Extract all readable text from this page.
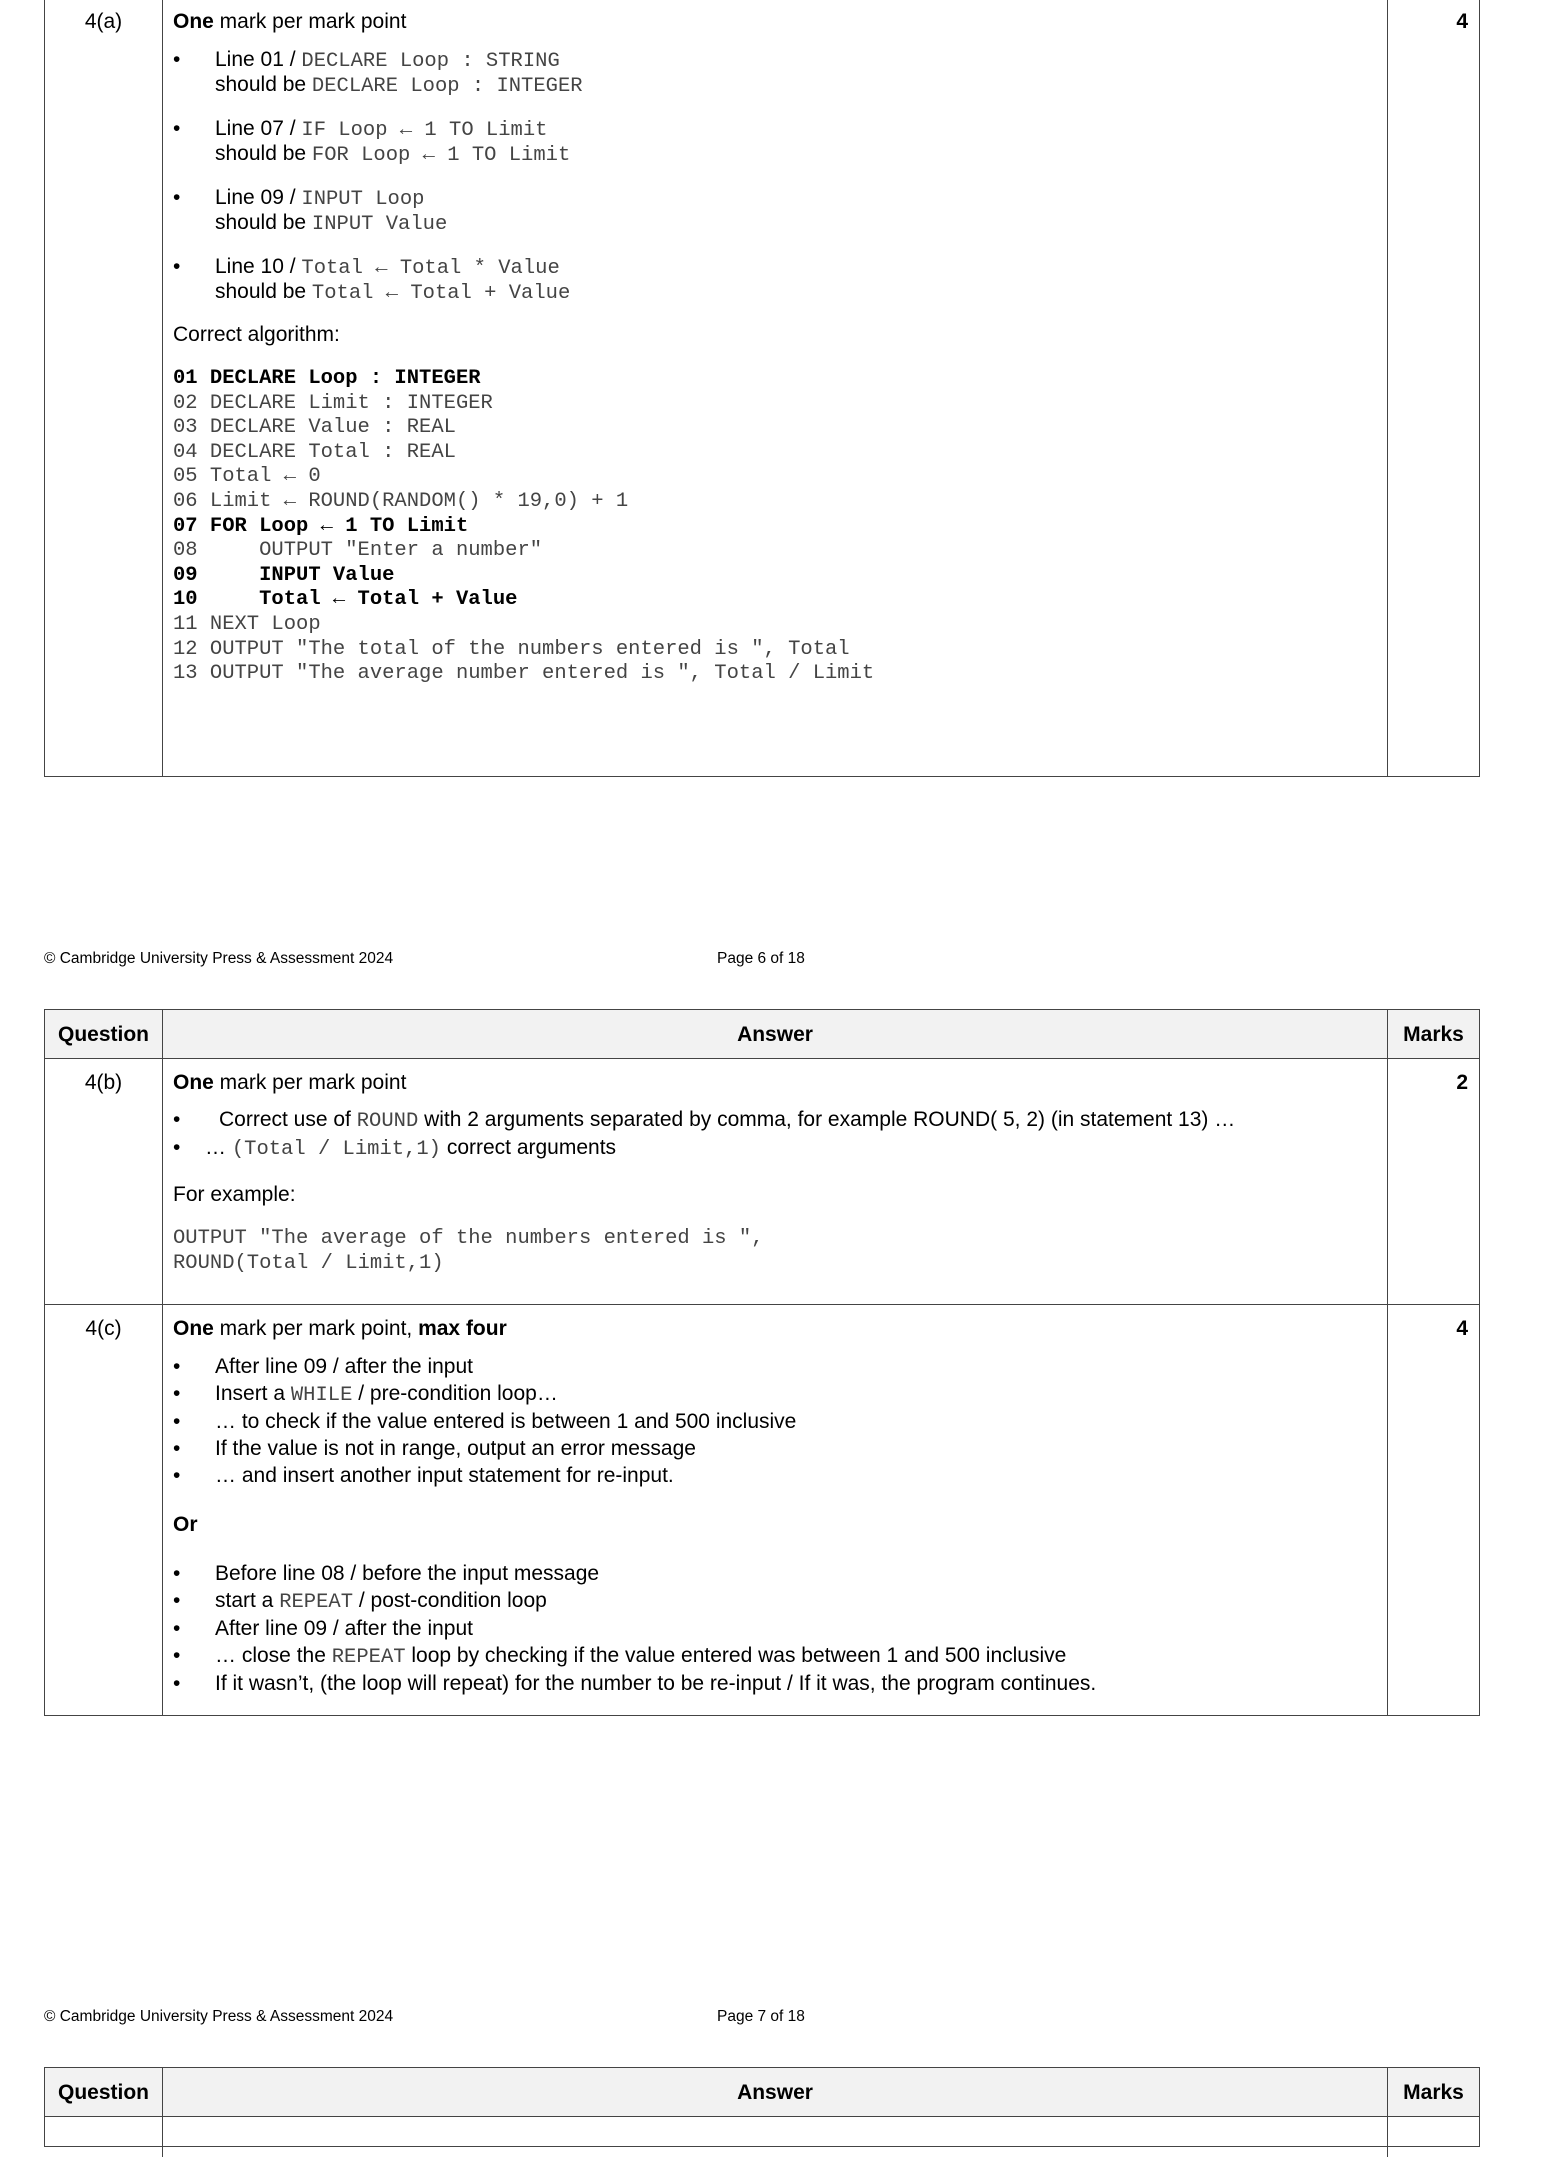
4(a)	One mark per mark point

• Line 01 / DECLARE Loop : STRING
should be DECLARE Loop : INTEGER
• Line 07 / IF Loop ← 1 TO Limit
should be FOR Loop ← 1 TO Limit
• Line 09 / INPUT Loop
should be INPUT Value
• Line 10 / Total ← Total * Value
should be Total ← Total + Value

Correct algorithm:

01 DECLARE Loop : INTEGER
02 DECLARE Limit : INTEGER
03 DECLARE Value : REAL
04 DECLARE Total : REAL
05 Total ← 0
06 Limit ← ROUND(RANDOM() * 19,0) + 1
07 FOR Loop ← 1 TO Limit
08     OUTPUT "Enter a number"
09     INPUT Value
10     Total ← Total + Value
11 NEXT Loop
12 OUTPUT "The total of the numbers entered is ", Total
13 OUTPUT "The average number entered is ", Total / Limit
4
© Cambridge University Press & Assessment 2024	Page 6 of 18
Question	Answer	Marks
4(b)	One mark per mark point

• Correct use of ROUND with 2 arguments separated by comma, for example ROUND( 5, 2) (in statement 13) …
• … (Total / Limit,1) correct arguments

For example:

OUTPUT "The average of the numbers entered is ",
ROUND(Total / Limit,1)
2
4(c)	One mark per mark point, max four

• After line 09 / after the input
• Insert a WHILE / pre-condition loop…
• … to check if the value entered is between 1 and 500 inclusive
• If the value is not in range, output an error message
• … and insert another input statement for re-input.

Or

• Before line 08 / before the input message
• start a REPEAT / post-condition loop
• After line 09 / after the input
• … close the REPEAT loop by checking if the value entered was between 1 and 500 inclusive
• If it wasn’t, (the loop will repeat) for the number to be re-input / If it was, the program continues.
4
© Cambridge University Press & Assessment 2024	Page 7 of 18
Question	Answer	Marks
